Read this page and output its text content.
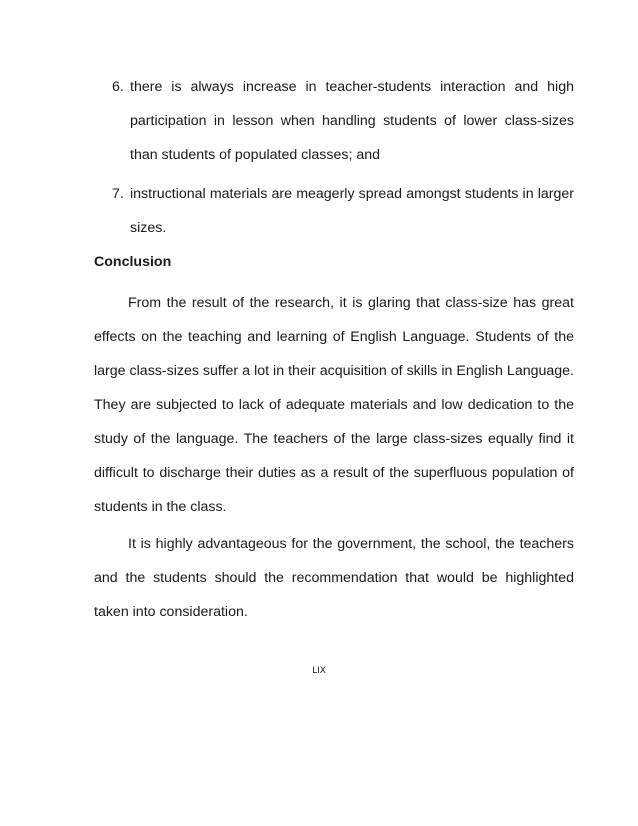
6. there is always increase in teacher-students interaction and high participation in lesson when handling students of lower class-sizes than students of populated classes; and
7. instructional materials are meagerly spread amongst students in larger sizes.
Conclusion

From the result of the research, it is glaring that class-size has great effects on the teaching and learning of English Language. Students of the large class-sizes suffer a lot in their acquisition of skills in English Language. They are subjected to lack of adequate materials and low dedication to the study of the language. The teachers of the large class-sizes equally find it difficult to discharge their duties as a result of the superfluous population of students in the class.

It is highly advantageous for the government, the school, the teachers and the students should the recommendation that would be highlighted taken into consideration.

LIX
